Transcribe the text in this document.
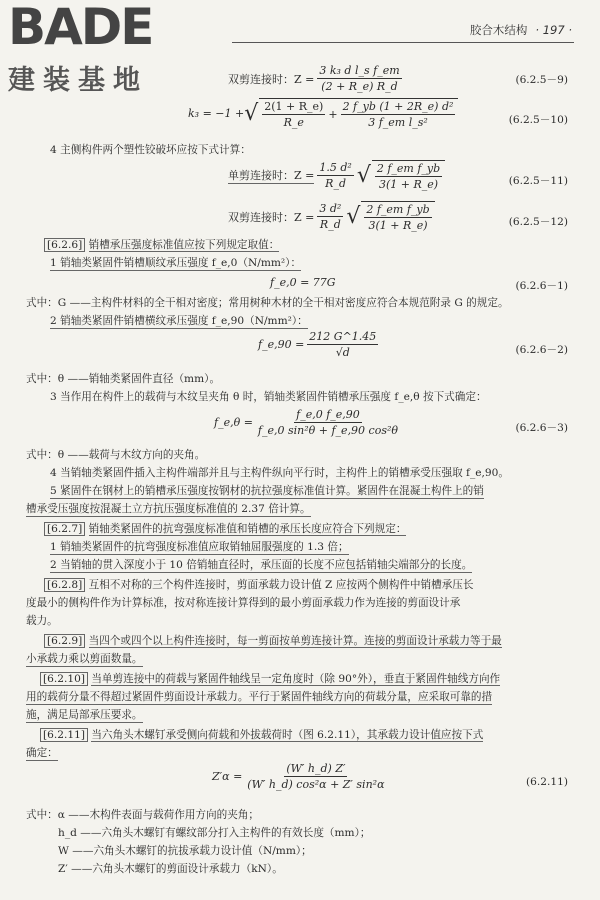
BADE
建装基地
胶合木结构 · 197 ·
双剪连接时：$Z = \frac{\text{3 k₃ d l\_s f\_em}}{(2 + R\_e) R\_d}$	(6.2.5－9)
k₃ = −1 + √ $\frac{2(1 + R\_e)}{R\_e} + \frac{\text{2 f\_yb (1 + 2R\_e) d²}}{\text{3 f\_em l\_s²}}$	(6.2.5－10)
4 主侧构件两个塑性铰破坏应按下式计算：
单剪连接时：$Z = \frac{\text{1.5 d²}}{R\_d}$ √ $\frac{\text{2 f\_em f\_yb}}{3(1 + R\_e)}$	(6.2.5－11)
双剪连接时：$Z = \frac{\text{3 d²}}{R\_d}$ √ $\frac{\text{2 f\_em f\_yb}}{3(1 + R\_e)}$	(6.2.5－12)
[6.2.6] 销槽承压强度标准值应按下列规定取值：
1 销轴类紧固件销槽顺纹承压强度 f_e,0（N/mm²）：
f_e,0 = 77G	(6.2.6－1)
式中：G ——主构件材料的全干相对密度；常用树种木材的全干相对密度应符合本规范附录 G 的规定。
2 销轴类紧固件销槽横纹承压强度 f_e,90（N/mm²）：
f_e,90 = $\frac{212 G\^{}1.45}{√d}$	(6.2.6－2)
式中：θ ——销轴类紧固件直径（mm）。
3 当作用在构件上的载荷与木纹呈夹角 θ 时，销轴类紧固件销槽承压强度 f_e,θ 按下式确定：
f_e,θ = $\frac{f\_e,0 f\_e,90}{\text{f\_e,0 sin²θ + f\_e,90 cos²θ}}$	(6.2.6－3)
式中：θ ——载荷与木纹方向的夹角。
4 当销轴类紧固件插入主构件端部并且与主构件纵向平行时，主构件上的销槽承受压强取 f_e,90。
5 紧固件在钢材上的销槽承压强度按钢材的抗拉强度标准值计算。紧固件在混凝土构件上的销
槽承受压强度按混凝土立方抗压强度标准值的 2.37 倍计算。
[6.2.7] 销轴类紧固件的抗弯强度标准值和销槽的承压长度应符合下列规定：
1 销轴类紧固件的抗弯强度标准值应取销轴屈服强度的 1.3 倍；
2 当销轴的贯入深度小于 10 倍销轴直径时，承压面的长度不应包括销轴尖端部分的长度。
[6.2.8] 互相不对称的三个构件连接时，剪面承载力设计值 Z 应按两个侧构件中销槽承压长
度最小的侧构件作为计算标准，按对称连接计算得到的最小剪面承载力作为连接的剪面设计承
载力。
[6.2.9] 当四个或四个以上构件连接时，每一剪面按单剪连接计算。连接的剪面设计承载力等于最
小承载力乘以剪面数量。
[6.2.10] 当单剪连接中的荷载与紧固件轴线呈一定角度时（除 90°外），垂直于紧固件轴线方向作
用的载荷分量不得超过紧固件剪面设计承载力。平行于紧固件轴线方向的荷载分量，应采取可靠的措
施，满足局部承压要求。
[6.2.11] 当六角头木螺钉承受侧向荷载和外拔载荷时（图 6.2.11），其承载力设计值应按下式
确定：
$Z'\alpha = \frac{(W' h\_d) Z'}{\text{(W′ h\_d) cos²α + Z′ sin²α}}$	(6.2.11)
式中：α ——木构件表面与载荷作用方向的夹角；
h_d ——六角头木螺钉有螺纹部分打入主构件的有效长度（mm）；
W ——六角头木螺钉的抗拔承载力设计值（N/mm）；
Z′ ——六角头木螺钉的剪面设计承载力（kN）。
